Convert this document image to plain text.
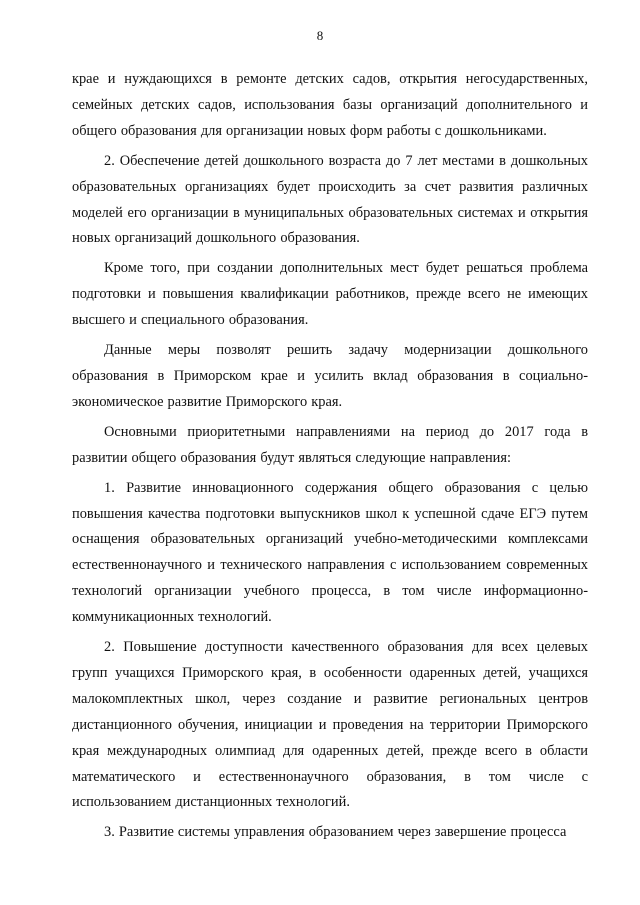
8

крае и нуждающихся в ремонте детских садов, открытия негосударственных, семейных детских садов, использования базы организаций дополнительного и общего образования для организации новых форм работы с дошкольниками.

2. Обеспечение детей дошкольного возраста до 7 лет местами в дошкольных образовательных организациях будет происходить за счет развития различных моделей его организации в муниципальных образовательных системах и открытия новых организаций дошкольного образования.

Кроме того, при создании дополнительных мест будет решаться проблема подготовки и повышения квалификации работников, прежде всего не имеющих высшего и специального образования.

Данные меры позволят решить задачу модернизации дошкольного образования в Приморском крае и усилить вклад образования в социально-экономическое развитие Приморского края.

Основными приоритетными направлениями на период до 2017 года в развитии общего образования будут являться следующие направления:

1. Развитие инновационного содержания общего образования с целью повышения качества подготовки выпускников школ к успешной сдаче ЕГЭ путем оснащения образовательных организаций учебно-методическими комплексами естественнонаучного и технического направления с использованием современных технологий организации учебного процесса, в том числе информационно-коммуникационных технологий.

2. Повышение доступности качественного образования для всех целевых групп учащихся Приморского края, в особенности одаренных детей, учащихся малокомплектных школ, через создание и развитие региональных центров дистанционного обучения, инициации и проведения на территории Приморского края международных олимпиад для одаренных детей, прежде всего в области математического и естественнонаучного образования, в том числе с использованием дистанционных технологий.

3. Развитие системы управления образованием через завершение процесса
